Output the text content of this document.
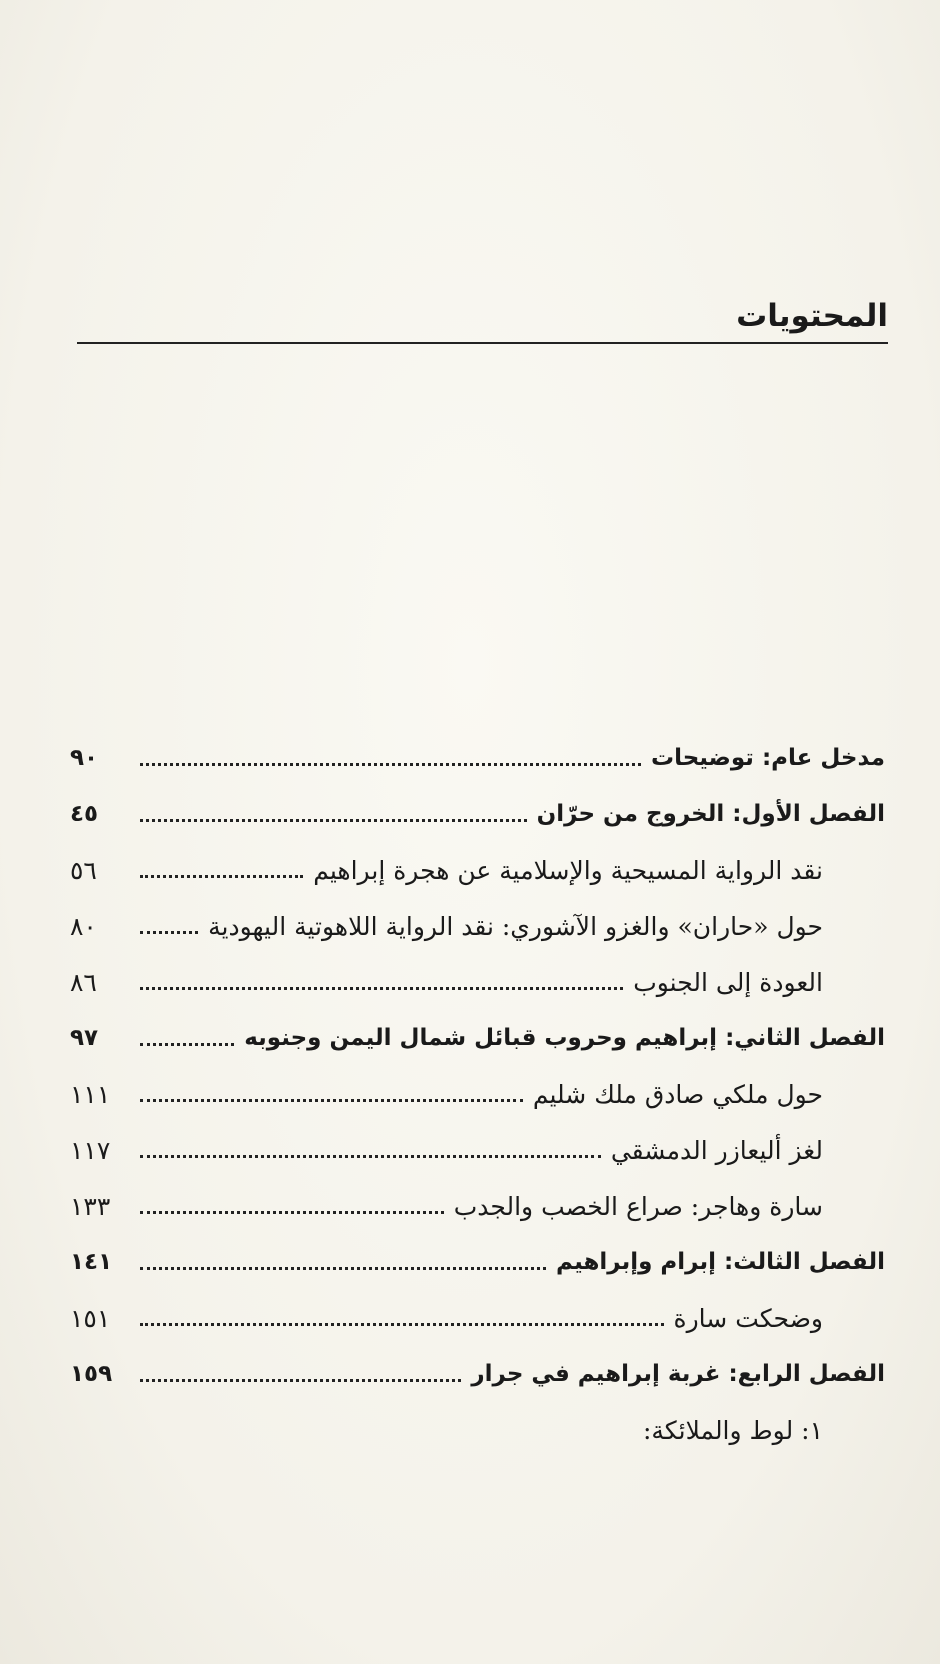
المحتويات
٩٠	مدخل عام: توضيحات
٤٥	الفصل الأول: الخروج من حرّان
٥٦	نقد الرواية المسيحية والإسلامية عن هجرة إبراهيم
٨٠	حول «حاران» والغزو الآشوري: نقد الرواية اللاهوتية اليهودية
٨٦	العودة إلى الجنوب
٩٧	الفصل الثاني: إبراهيم وحروب قبائل شمال اليمن وجنوبه
١١١	حول ملكي صادق ملك شليم
١١٧	لغز أليعازر الدمشقي
١٣٣	سارة وهاجر: صراع الخصب والجدب
١٤١	الفصل الثالث: إبرام وإبراهيم
١٥١	وضحكت سارة
١٥٩	الفصل الرابع: غربة إبراهيم في جرار
١: لوط والملائكة:
